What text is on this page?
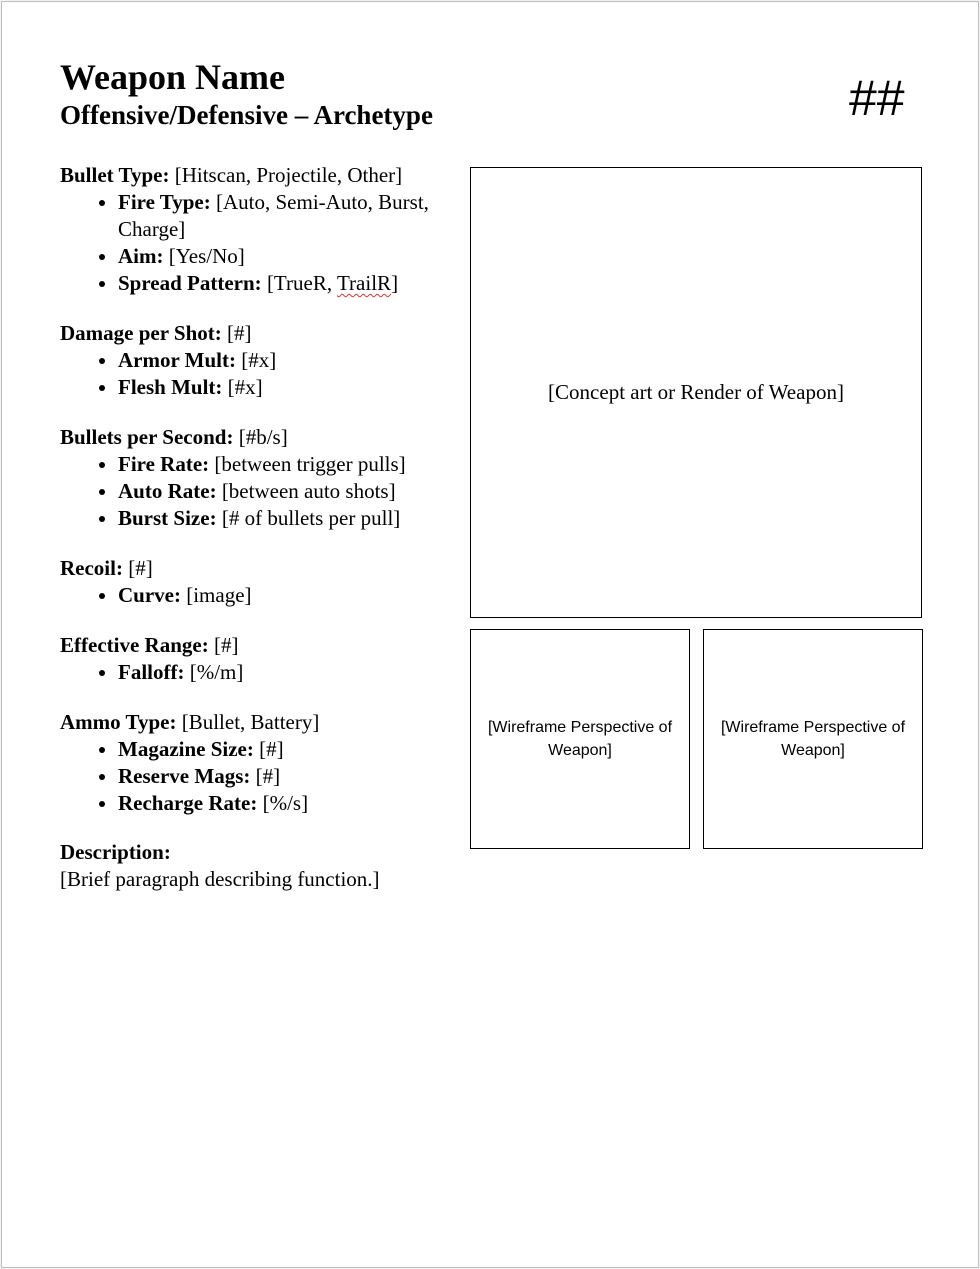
Weapon Name
Offensive/Defensive – Archetype	##
Bullet Type: [Hitscan, Projectile, Other]
• Fire Type: [Auto, Semi-Auto, Burst, Charge]
• Aim: [Yes/No]
• Spread Pattern: [TrueR, TrailR]
Damage per Shot: [#]
• Armor Mult: [#x]
• Flesh Mult: [#x]
Bullets per Second: [#b/s]
• Fire Rate: [between trigger pulls]
• Auto Rate: [between auto shots]
• Burst Size: [# of bullets per pull]
Recoil: [#]
• Curve: [image]
Effective Range: [#]
• Falloff: [%/m]
Ammo Type: [Bullet, Battery]
• Magazine Size: [#]
• Reserve Mags: [#]
• Recharge Rate: [%/s]
Description:
[Brief paragraph describing function.]
[Concept art or Render of Weapon]
[Wireframe Perspective of Weapon]
[Wireframe Perspective of Weapon]
